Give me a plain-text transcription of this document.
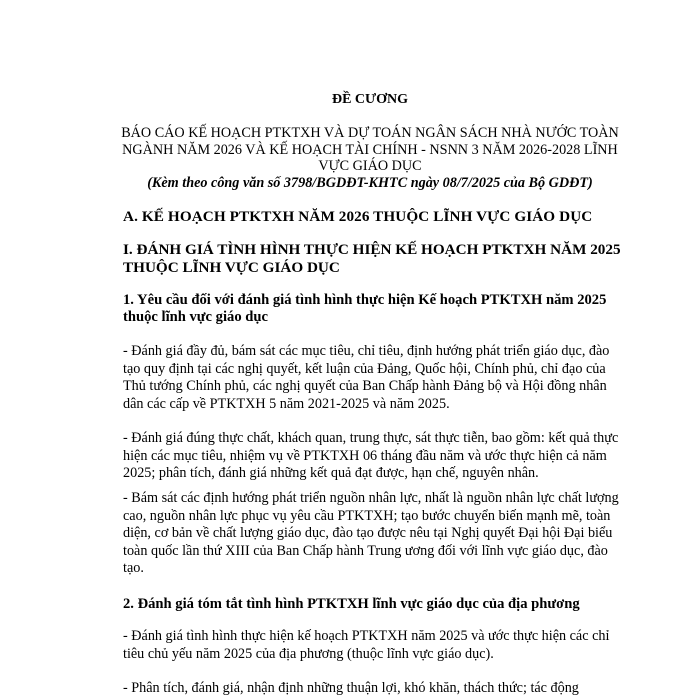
ĐỀ CƯƠNG

BÁO CÁO KẾ HOẠCH PTKTXH VÀ DỰ TOÁN NGÂN SÁCH NHÀ NƯỚC TOÀN NGÀNH NĂM 2026 VÀ KẾ HOẠCH TÀI CHÍNH - NSNN 3 NĂM 2026-2028 LĨNH VỰC GIÁO DỤC

(Kèm theo công văn số 3798/BGDĐT-KHTC ngày 08/7/2025 của Bộ GDĐT)

A. KẾ HOẠCH PTKTXH NĂM 2026 THUỘC LĨNH VỰC GIÁO DỤC

I. ĐÁNH GIÁ TÌNH HÌNH THỰC HIỆN KẾ HOẠCH PTKTXH NĂM 2025 THUỘC LĨNH VỰC GIÁO DỤC

1. Yêu cầu đối với đánh giá tình hình thực hiện Kế hoạch PTKTXH năm 2025 thuộc lĩnh vực giáo dục

- Đánh giá đầy đủ, bám sát các mục tiêu, chỉ tiêu, định hướng phát triển giáo dục, đào tạo quy định tại các nghị quyết, kết luận của Đảng, Quốc hội, Chính phủ, chỉ đạo của Thủ tướng Chính phủ, các nghị quyết của Ban Chấp hành Đảng bộ và Hội đồng nhân dân các cấp về PTKTXH 5 năm 2021-2025 và năm 2025.

- Đánh giá đúng thực chất, khách quan, trung thực, sát thực tiễn, bao gồm: kết quả thực hiện các mục tiêu, nhiệm vụ về PTKTXH 06 tháng đầu năm và ước thực hiện cả năm 2025; phân tích, đánh giá những kết quả đạt được, hạn chế, nguyên nhân.

- Bám sát các định hướng phát triển nguồn nhân lực, nhất là nguồn nhân lực chất lượng cao, nguồn nhân lực phục vụ yêu cầu PTKTXH; tạo bước chuyển biến mạnh mẽ, toàn diện, cơ bản về chất lượng giáo dục, đào tạo được nêu tại Nghị quyết Đại hội Đại biểu toàn quốc lần thứ XIII của Ban Chấp hành Trung ương đối với lĩnh vực giáo dục, đào tạo.

2. Đánh giá tóm tắt tình hình PTKTXH lĩnh vực giáo dục của địa phương

- Đánh giá tình hình thực hiện kế hoạch PTKTXH năm 2025 và ước thực hiện các chỉ tiêu chủ yếu năm 2025 của địa phương (thuộc lĩnh vực giáo dục).

- Phân tích, đánh giá, nhận định những thuận lợi, khó khăn, thách thức; tác động
